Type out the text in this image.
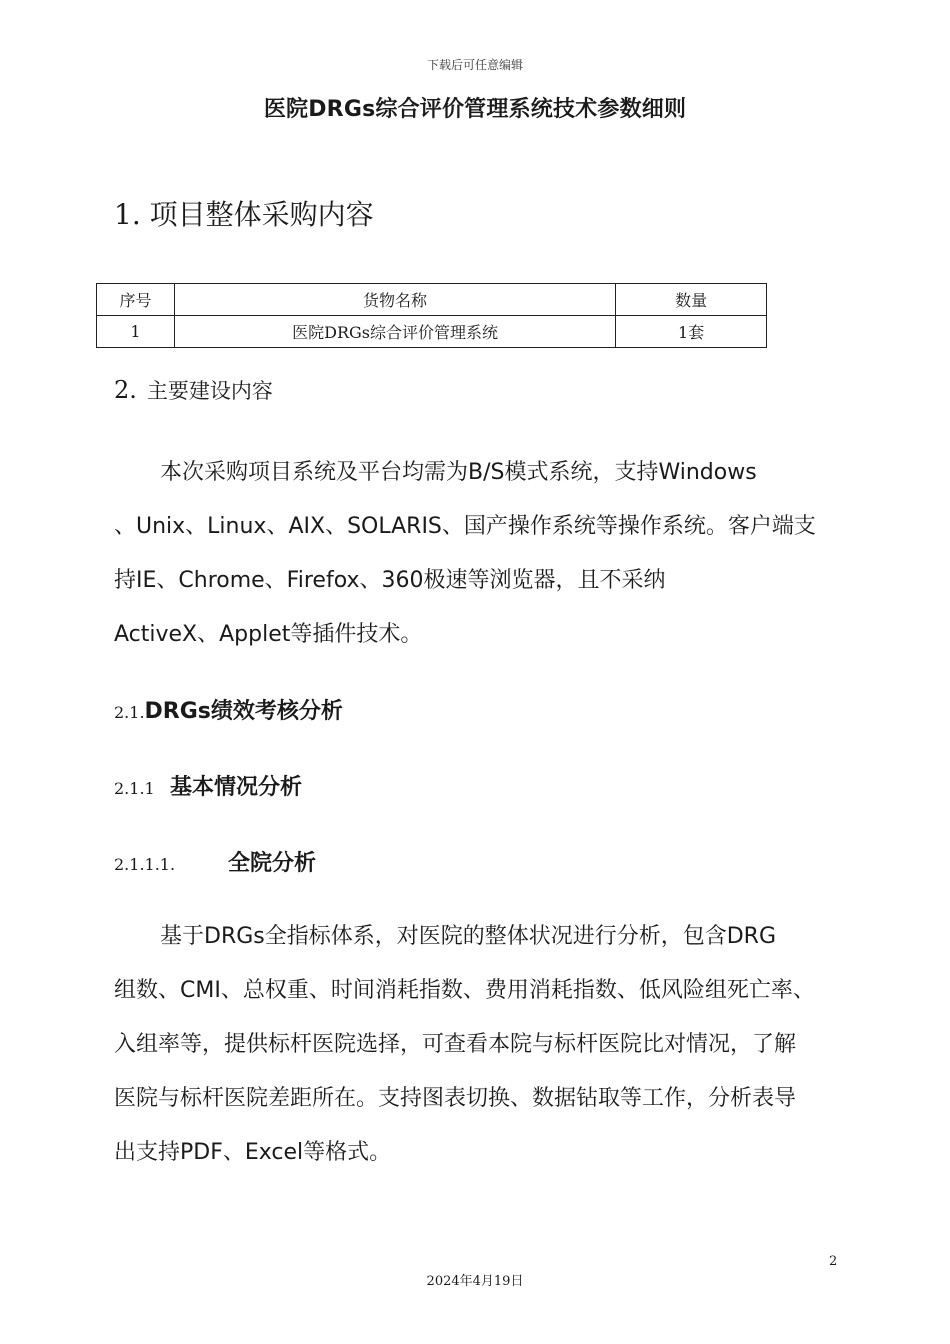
下载后可任意编辑
医院DRGs综合评价管理系统技术参数细则
1. 项目整体采购内容
序号	货物名称	数量
1	医院DRGs综合评价管理系统	1套
2. 主要建设内容
本次采购项目系统及平台均需为B/S模式系统，支持Windows
、Unix、Linux、AIX、SOLARIS、国产操作系统等操作系统。客户端支
持IE、Chrome、Firefox、360极速等浏览器，且不采纳
ActiveX、Applet等插件技术。
2.1.DRGs绩效考核分析
2.1.1 基本情况分析
2.1.1.1. 全院分析
基于DRGs全指标体系，对医院的整体状况进行分析，包含DRG
组数、CMI、总权重、时间消耗指数、费用消耗指数、低风险组死亡率、
入组率等，提供标杆医院选择，可查看本院与标杆医院比对情况，了解
医院与标杆医院差距所在。支持图表切换、数据钻取等工作，分析表导
出支持PDF、Excel等格式。
2
2024年4月19日
